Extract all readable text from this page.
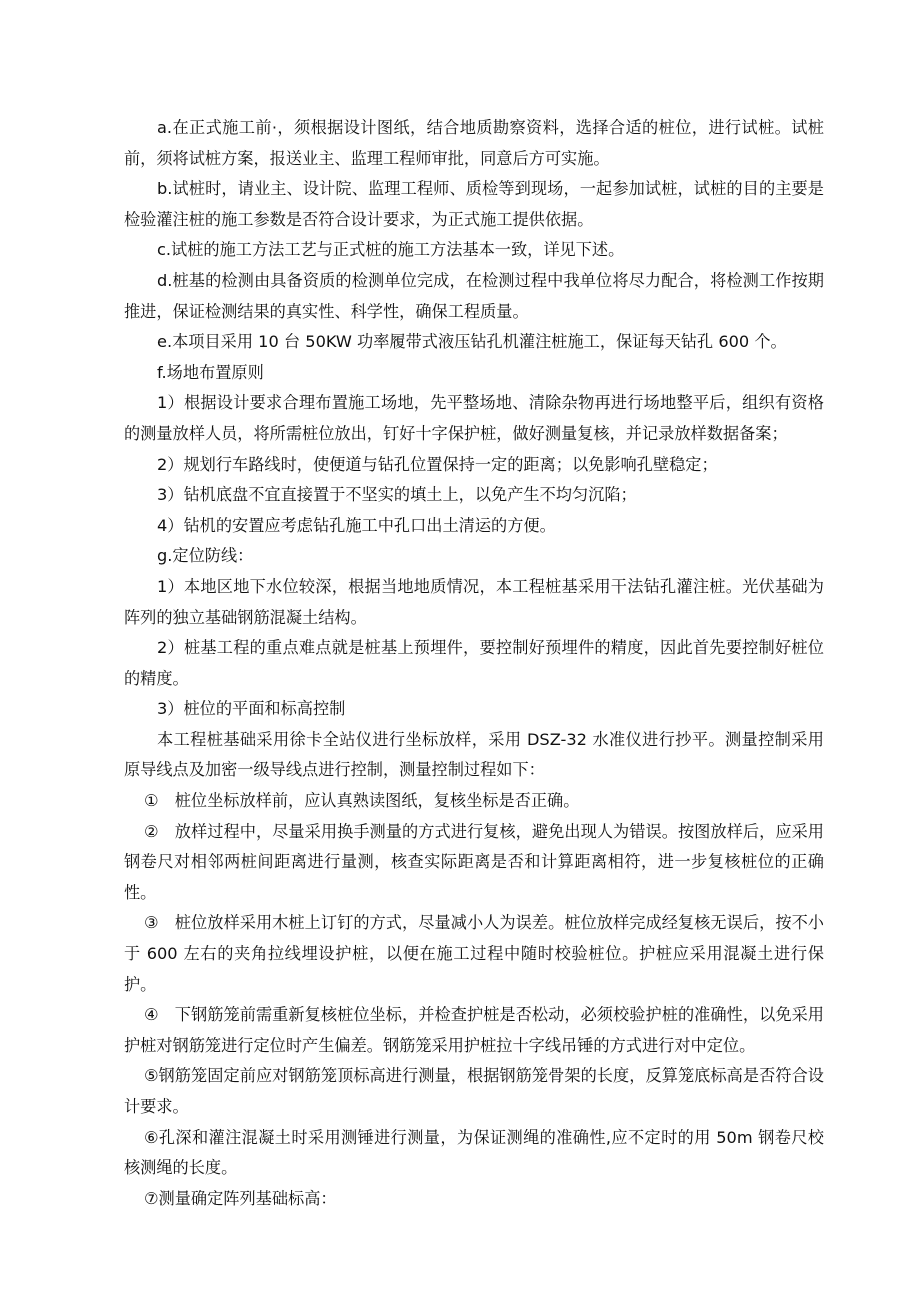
a.在正式施工前·，须根据设计图纸，结合地质勘察资料，选择合适的桩位，进行试桩。试桩前，须将试桩方案，报送业主、监理工程师审批，同意后方可实施。

b.试桩时，请业主、设计院、监理工程师、质检等到现场，一起参加试桩，试桩的目的主要是检验灌注桩的施工参数是否符合设计要求，为正式施工提供依据。

c.试桩的施工方法工艺与正式桩的施工方法基本一致，详见下述。

d.桩基的检测由具备资质的检测单位完成，在检测过程中我单位将尽力配合，将检测工作按期推进，保证检测结果的真实性、科学性，确保工程质量。

e.本项目采用 10 台 50KW 功率履带式液压钻孔机灌注桩施工，保证每天钻孔 600 个。

f.场地布置原则

1）根据设计要求合理布置施工场地，先平整场地、清除杂物再进行场地整平后，组织有资格的测量放样人员，将所需桩位放出，钉好十字保护桩，做好测量复核，并记录放样数据备案；

2）规划行车路线时，使便道与钻孔位置保持一定的距离；以免影响孔壁稳定；

3）钻机底盘不宜直接置于不坚实的填土上，以免产生不均匀沉陷；

4）钻机的安置应考虑钻孔施工中孔口出土清运的方便。

g.定位防线：

1）本地区地下水位较深，根据当地地质情况，本工程桩基采用干法钻孔灌注桩。光伏基础为阵列的独立基础钢筋混凝土结构。

2）桩基工程的重点难点就是桩基上预埋件，要控制好预埋件的精度，因此首先要控制好桩位的精度。

3）桩位的平面和标高控制

本工程桩基础采用徐卡全站仪进行坐标放样，采用 DSZ-32 水准仪进行抄平。测量控制采用原导线点及加密一级导线点进行控制，测量控制过程如下：

①　桩位坐标放样前，应认真熟读图纸，复核坐标是否正确。

②　放样过程中，尽量采用换手测量的方式进行复核，避免出现人为错误。按图放样后，应采用钢卷尺对相邻两桩间距离进行量测，核查实际距离是否和计算距离相符，进一步复核桩位的正确性。

③　桩位放样采用木桩上订钉的方式，尽量减小人为误差。桩位放样完成经复核无误后，按不小于 600 左右的夹角拉线埋设护桩，以便在施工过程中随时校验桩位。护桩应采用混凝土进行保护。

④　下钢筋笼前需重新复核桩位坐标，并检查护桩是否松动，必须校验护桩的准确性，以免采用护桩对钢筋笼进行定位时产生偏差。钢筋笼采用护桩拉十字线吊锤的方式进行对中定位。

⑤钢筋笼固定前应对钢筋笼顶标高进行测量，根据钢筋笼骨架的长度，反算笼底标高是否符合设计要求。

⑥孔深和灌注混凝土时采用测锤进行测量，为保证测绳的准确性,应不定时的用 50m 钢卷尺校核测绳的长度。

⑦测量确定阵列基础标高：
